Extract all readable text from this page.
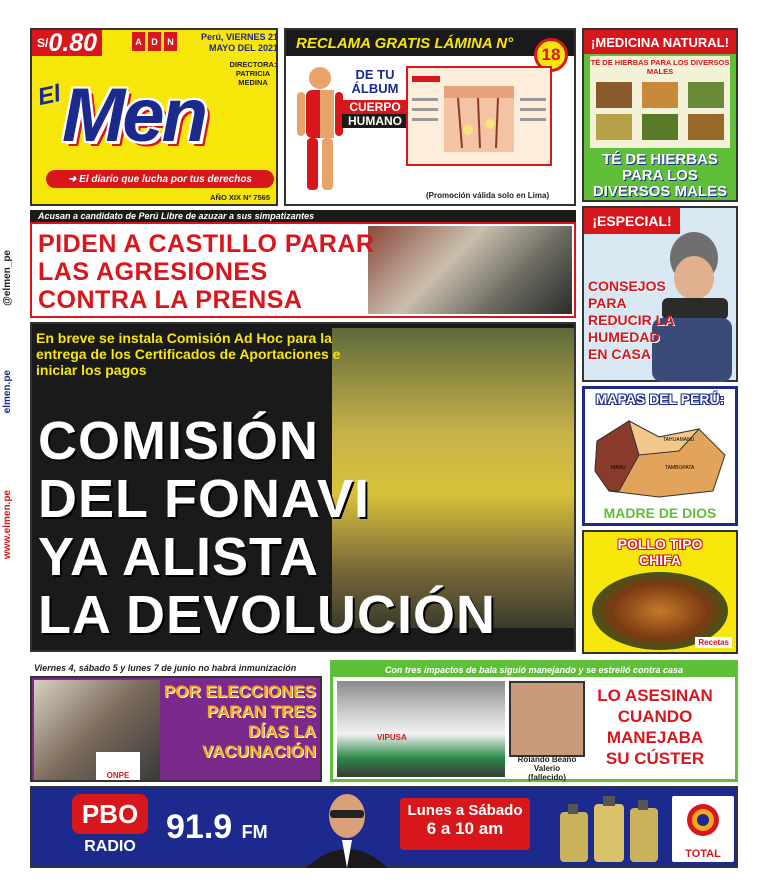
@elmen_pe
elmen.pe
www.elmen.pe
S/ 0.80	A	D	N	Perú, VIERNES 21
MAYO DEL 2021
DIRECTORA:
PATRICIA
MEDINA
Men
El
➜ El diario que lucha por tus derechos
AÑO XIX Nº 7565
RECLAMA GRATIS LÁMINA N°
18
DE TU ÁLBUM
CUERPO
HUMANO
(Promoción válida solo en Lima)
¡MEDICINA NATURAL!
TÉ DE HIERBAS PARA LOS DIVERSOS MALES
TÉ DE HIERBAS PARA LOS DIVERSOS MALES
Acusan a candidato de Perú Libre de azuzar a sus simpatizantes
PIDEN A CASTILLO PARAR
LAS AGRESIONES
CONTRA LA PRENSA
¡ESPECIAL!
CONSEJOS
PARA
REDUCIR LA
HUMEDAD
EN CASA
En breve se instala Comisión Ad Hoc para la entrega de los Certificados de Aportaciones e iniciar los pagos
COMISIÓN
DEL FONAVI
YA ALISTA
LA DEVOLUCIÓN
MAPAS DEL PERÚ:
TAHUAMANU
TAMBOPATA
MANU
MADRE DE DIOS
POLLO TIPO
CHIFA
Recetas
Viernes 4, sábado 5 y lunes 7 de junio no habrá inmunización
ONPE
POR ELECCIONES
PARAN TRES
DÍAS LA
VACUNACIÓN
Con tres impactos de bala siguió manejando y se estrelló contra casa
VIPUSA
Rolando Beaño Valerio
(fallecido)
LO ASESINAN
CUANDO
MANEJABA
SU CÚSTER
PBO
RADIO
91.9 FM
Lunes a Sábado
6 a 10 am
TOTAL
